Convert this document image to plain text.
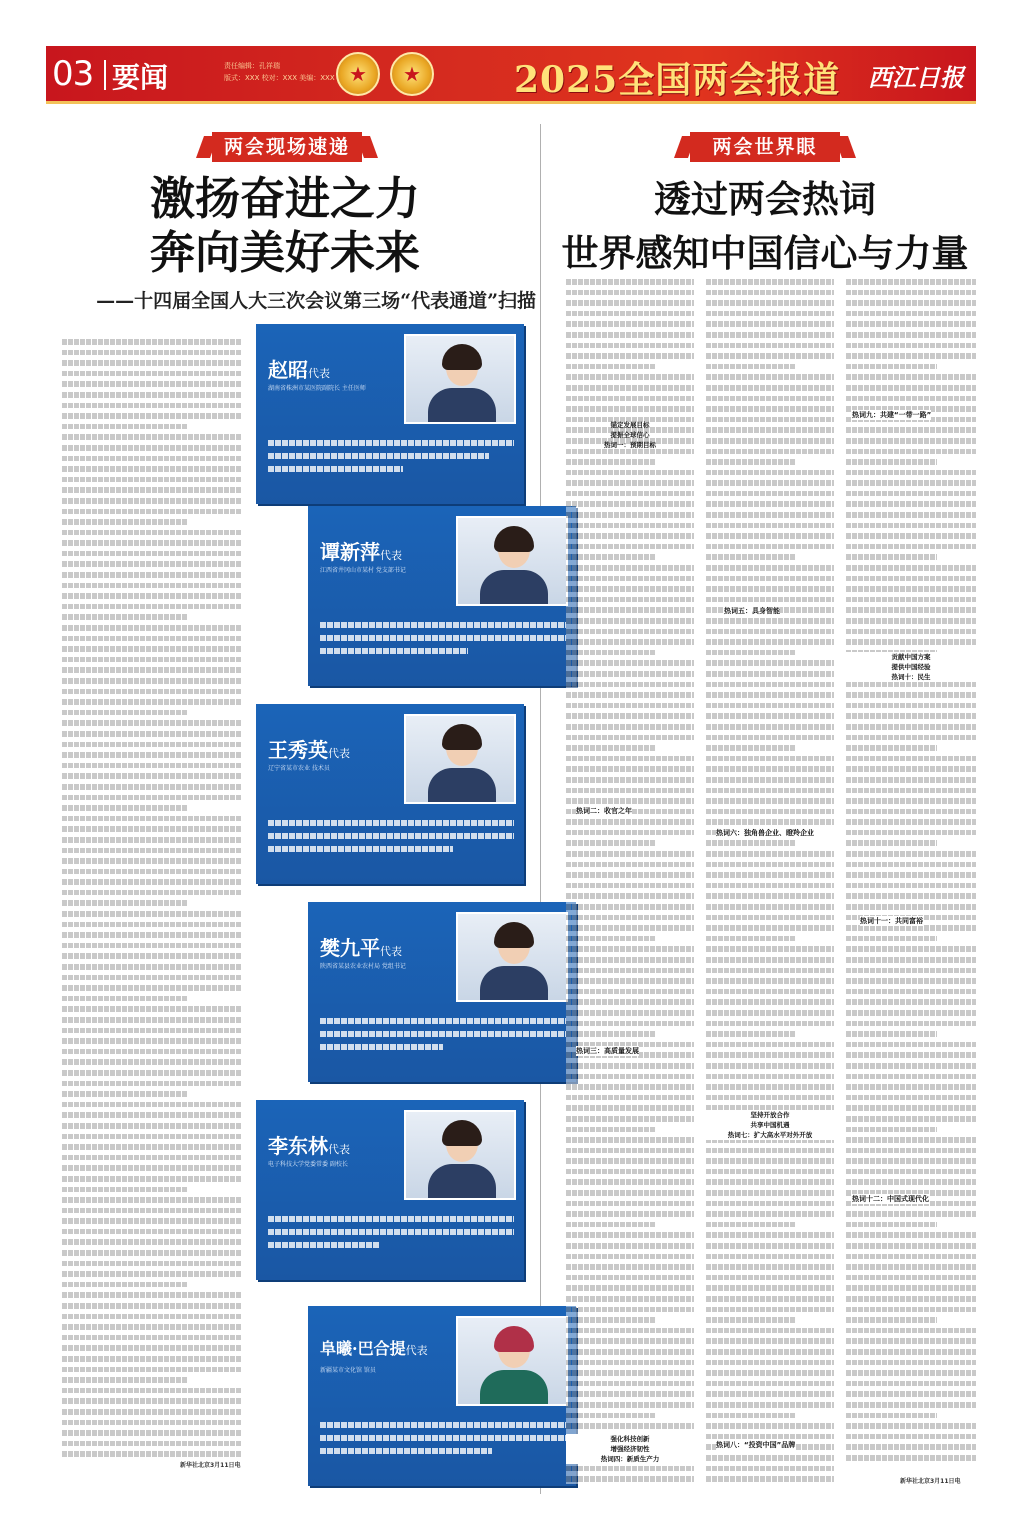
03 要闻	责任编辑：孔祥瑞
版式：XXX 校对：XXX 美编：XXX ★ ★	2025全国两会报道 西江日报
两会现场速递
激扬奋进之力
奔向美好未来
——十四届全国人大三次会议第三场“代表通道”扫描
新华社北京3月11日电
赵昭代表
湖南省株洲市某医院副院长 主任医师
谭新萍代表
江西省井冈山市某村 党支部书记
王秀英代表
辽宁省某市农业 技术员
樊九平代表
陕西省某县农业农村局 党组书记
李东林代表
电子科技大学党委常委 副校长
阜曦·巴合提代表
新疆某市文化馆 馆员
两会世界眼
透过两会热词
世界感知中国信心与力量
锚定发展目标
提振全球信心
热词一：预期目标
热词二：收官之年
热词三：高质量发展
强化科技创新
增强经济韧性
热词四：新质生产力
热词五：具身智能
热词六：独角兽企业、瞪羚企业
坚持开放合作
共享中国机遇
热词七：扩大高水平对外开放
热词八：“投资中国”品牌
热词九：共建“一带一路”
贡献中国方案
提供中国经验
热词十：民生
热词十一：共同富裕
热词十二：中国式现代化
新华社北京3月11日电
